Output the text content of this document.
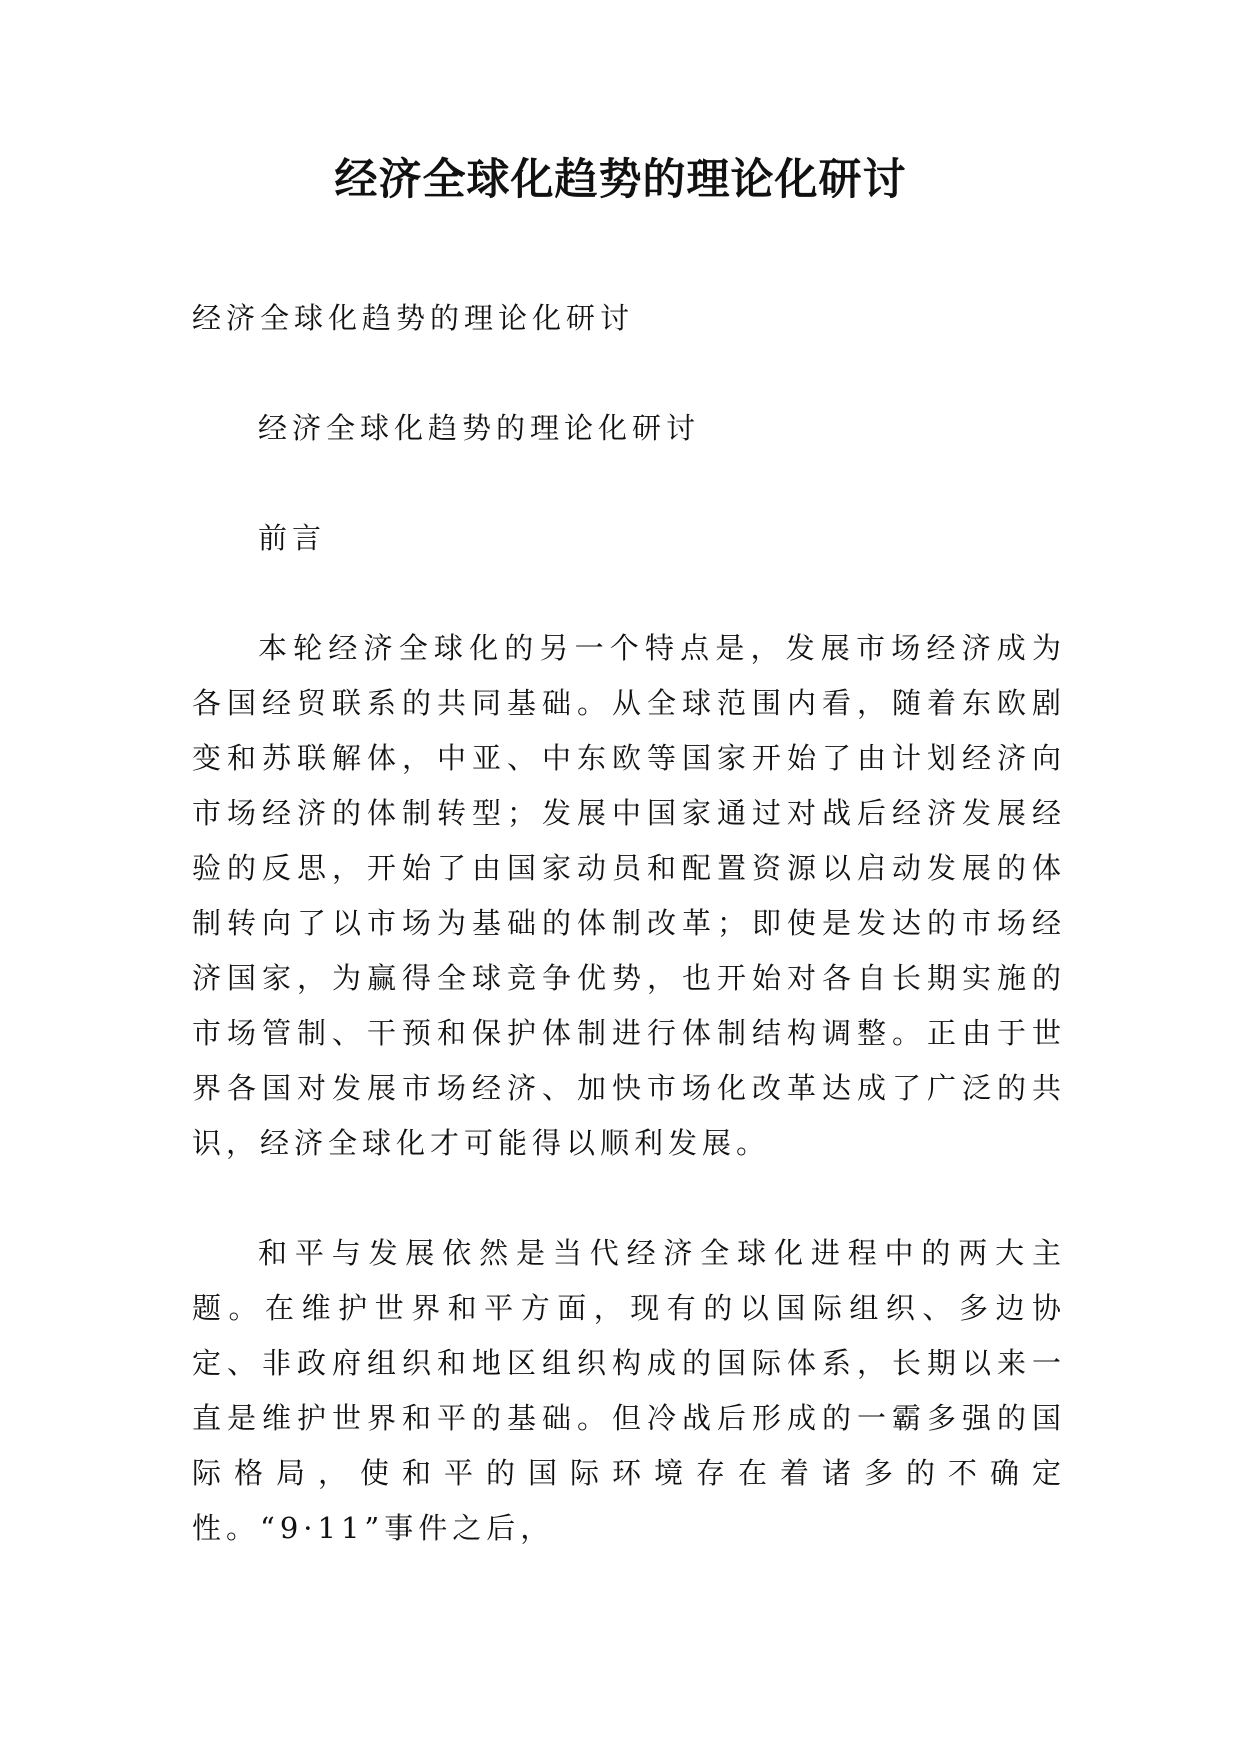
经济全球化趋势的理论化研讨

经济全球化趋势的理论化研讨

经济全球化趋势的理论化研讨

前言

本轮经济全球化的另一个特点是，发展市场经济成为各国经贸联系的共同基础。从全球范围内看，随着东欧剧变和苏联解体，中亚、中东欧等国家开始了由计划经济向市场经济的体制转型；发展中国家通过对战后经济发展经验的反思，开始了由国家动员和配置资源以启动发展的体制转向了以市场为基础的体制改革；即使是发达的市场经济国家，为赢得全球竞争优势，也开始对各自长期实施的市场管制、干预和保护体制进行体制结构调整。正由于世界各国对发展市场经济、加快市场化改革达成了广泛的共识，经济全球化才可能得以顺利发展。

和平与发展依然是当代经济全球化进程中的两大主题。在维护世界和平方面，现有的以国际组织、多边协定、非政府组织和地区组织构成的国际体系，长期以来一直是维护世界和平的基础。但冷战后形成的一霸多强的国际格局，使和平的国际环境存在着诸多的不确定性。“9·11”事件之后，
